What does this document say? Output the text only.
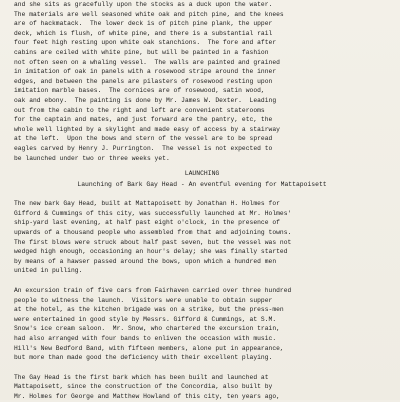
and she sits as gracefully upon the stocks as a duck upon the water.
The materials are well seasoned white oak and pitch pine, and the knees
are of hackmatack.  The lower deck is of pitch pine plank, the upper
deck, which is flush, of white pine, and there is a substantial rail
four feet high resting upon white oak stanchions.  The fore and after
cabins are ceiled with white pine, but will be painted in a fashion
not often seen on a whaling vessel.  The walls are painted and grained
in imitation of oak in panels with a rosewood stripe around the inner
edges, and between the panels are pilasters of rosewood resting upon
imitation marble bases.  The cornices are of rosewood, satin wood,
oak and ebony.  The painting is done by Mr. James W. Dexter.  Leading
out from the cabin to the right and left are convenient staterooms
for the captain and mates, and just forward are the pantry, etc, the
whole well lighted by a skylight and made easy of access by a stairway
at the left.  Upon the bows and stern of the vessel are to be spread
eagles carved by Henry J. Purrington.  The vessel is not expected to
be launched under two or three weeks yet.

LAUNCHING
Launching of Bark Gay Head - An eventful evening for Mattapoisett

The new bark Gay Head, built at Mattapoisett by Jonathan H. Holmes for
Gifford & Cummings of this city, was successfully launched at Mr. Holmes'
ship-yard last evening, at half past eight o'clock, in the presence of
upwards of a thousand people who assembled from that and adjoining towns.
The first blows were struck about half past seven, but the vessel was not
wedged high enough, occasioning an hour's delay; she was finally started
by means of a hawser passed around the bows, upon which a hundred men
united in pulling.

An excursion train of five cars from Fairhaven carried over three hundred
people to witness the launch.  Visitors were unable to obtain supper
at the hotel, as the kitchen brigade was on a strike, but the press-men
were entertained in good style by Messrs. Gifford & Cummings, at S.M.
Snow's ice cream saloon.  Mr. Snow, who chartered the excursion train,
had also arranged with four bands to enliven the occasion with music.
Hill's New Bedford Band, with fifteen members, alone put in appearance,
but more than made good the deficiency with their excellent playing.

The Gay Head is the first bark which has been built and launched at
Mattapoisett, since the construction of the Concordia, also built by
Mr. Holmes for George and Matthew Howland of this city, ten years ago,
